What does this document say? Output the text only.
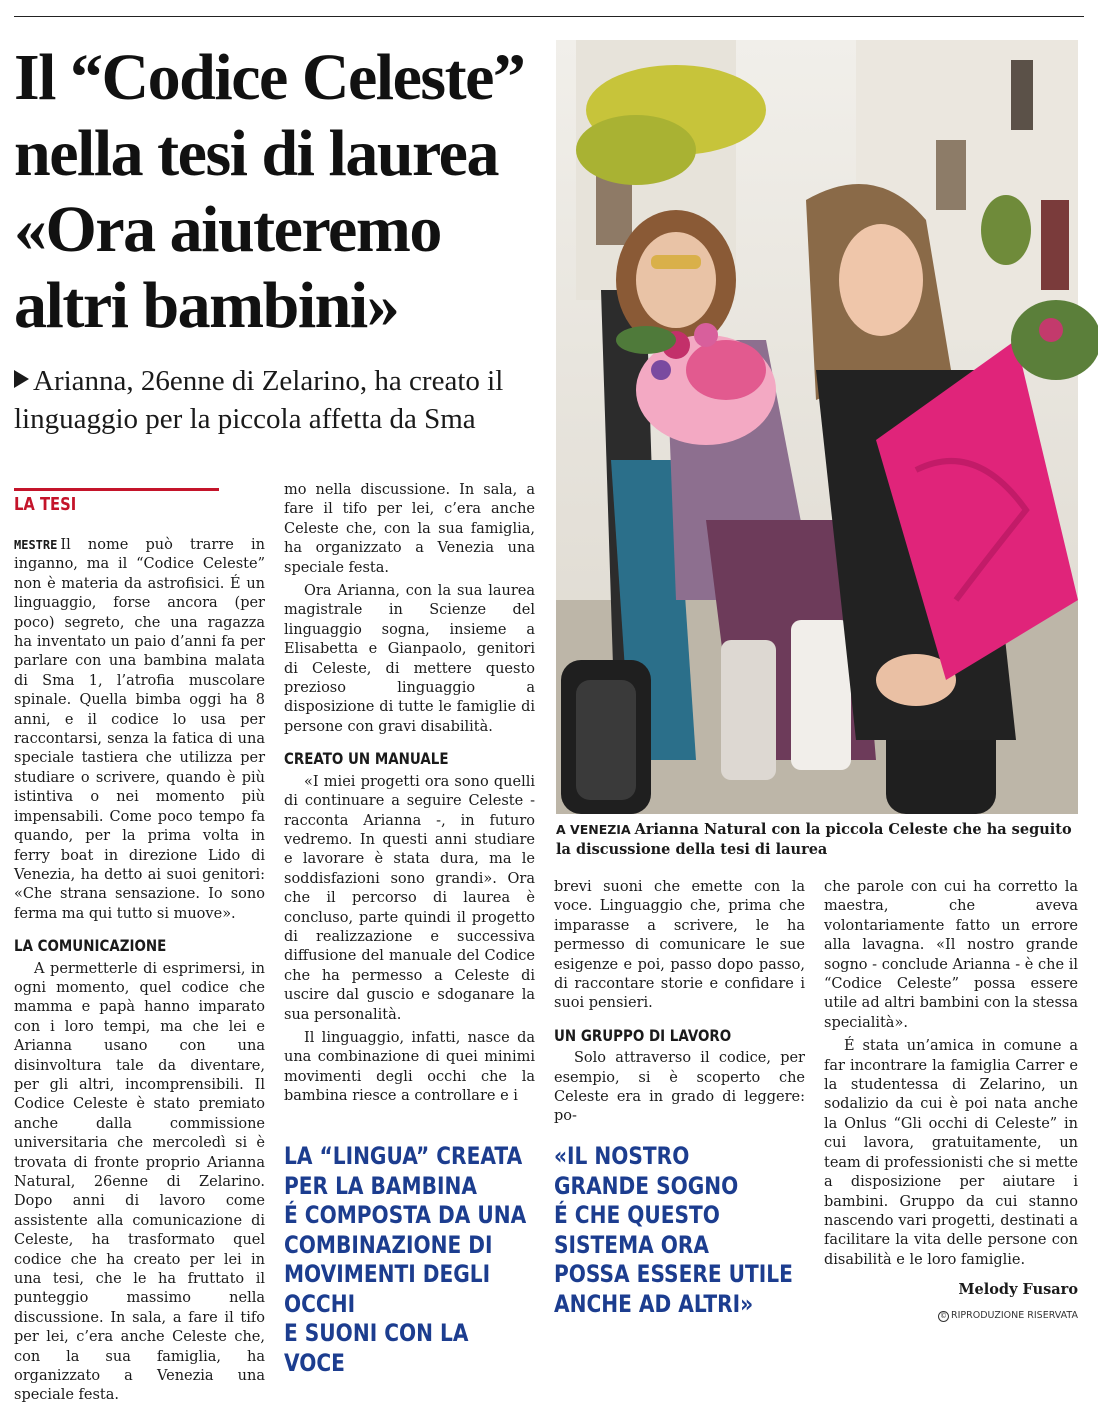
Il “Codice Celeste”
nella tesi di laurea
«Ora aiuteremo
altri bambini»

Arianna, 26enne di Zelarino, ha creato il linguaggio per la piccola affetta da Sma

A VENEZIA Arianna Natural con la piccola Celeste che ha seguito la discussione della tesi di laurea

LA TESI

MESTRE Il nome può trarre in inganno, ma il “Codice Celeste” non è materia da astrofisici. É un linguaggio, forse ancora (per poco) segreto, che una ragazza ha inventato un paio d’anni fa per parlare con una bambina malata di Sma 1, l’atrofia muscolare spinale. Quella bimba oggi ha 8 anni, e il codice lo usa per raccontarsi, senza la fatica di una speciale tastiera che utilizza per studiare o scrivere, quando è più istintiva o nei momento più impensabili. Come poco tempo fa quando, per la prima volta in ferry boat in direzione Lido di Venezia, ha detto ai suoi genitori: «Che strana sensazione. Io sono ferma ma qui tutto si muove».

LA COMUNICAZIONE

A permetterle di esprimersi, in ogni momento, quel codice che mamma e papà hanno imparato con i loro tempi, ma che lei e Arianna usano con una disinvoltura tale da diventare, per gli altri, incomprensibili. Il Codice Celeste è stato premiato anche dalla commissione universitaria che mercoledì si è trovata di fronte proprio Arianna Natural, 26enne di Zelarino. Dopo anni di lavoro come assistente alla comunicazione di Celeste, ha trasformato quel codice che ha creato per lei in una tesi, che le ha fruttato il punteggio massimo nella discussione. In sala, a fare il tifo per lei, c’era anche Celeste che, con la sua famiglia, ha organizzato a Venezia una speciale festa.

mo nella discussione. In sala, a fare il tifo per lei, c’era anche Celeste che, con la sua famiglia, ha organizzato a Venezia una speciale festa.

Ora Arianna, con la sua laurea magistrale in Scienze del linguaggio sogna, insieme a Elisabetta e Gianpaolo, genitori di Celeste, di mettere questo prezioso linguaggio a disposizione di tutte le famiglie di persone con gravi disabilità.

CREATO UN MANUALE

«I miei progetti ora sono quelli di continuare a seguire Celeste - racconta Arianna -, in futuro vedremo. In questi anni studiare e lavorare è stata dura, ma le soddisfazioni sono grandi». Ora che il percorso di laurea è concluso, parte quindi il progetto di realizzazione e successiva diffusione del manuale del Codice che ha permesso a Celeste di uscire dal guscio e sdoganare la sua personalità.

Il linguaggio, infatti, nasce da una combinazione di quei minimi movimenti degli occhi che la bambina riesce a controllare e i

brevi suoni che emette con la voce. Linguaggio che, prima che imparasse a scrivere, le ha permesso di comunicare le sue esigenze e poi, passo dopo passo, di raccontare storie e confidare i suoi pensieri.

UN GRUPPO DI LAVORO

Solo attraverso il codice, per esempio, si è scoperto che Celeste era in grado di leggere: po-

che parole con cui ha corretto la maestra, che aveva volontariamente fatto un errore alla lavagna. «Il nostro grande sogno - conclude Arianna - è che il “Codice Celeste” possa essere utile ad altri bambini con la stessa specialità».

É stata un’amica in comune a far incontrare la famiglia Carrer e la studentessa di Zelarino, un sodalizio da cui è poi nata anche la Onlus “Gli occhi di Celeste” in cui lavora, gratuitamente, un team di professionisti che si mette a disposizione per aiutare i bambini. Gruppo da cui stanno nascendo vari progetti, destinati a facilitare la vita delle persone con disabilità e le loro famiglie.

LA “LINGUA” CREATA
PER LA BAMBINA
É COMPOSTA DA UNA
COMBINAZIONE DI
MOVIMENTI DEGLI OCCHI
E SUONI CON LA VOCE
«IL NOSTRO
GRANDE SOGNO
É CHE QUESTO
SISTEMA ORA
POSSA ESSERE UTILE
ANCHE AD ALTRI»	Melody Fusaro
© RIPRODUZIONE RISERVATA
